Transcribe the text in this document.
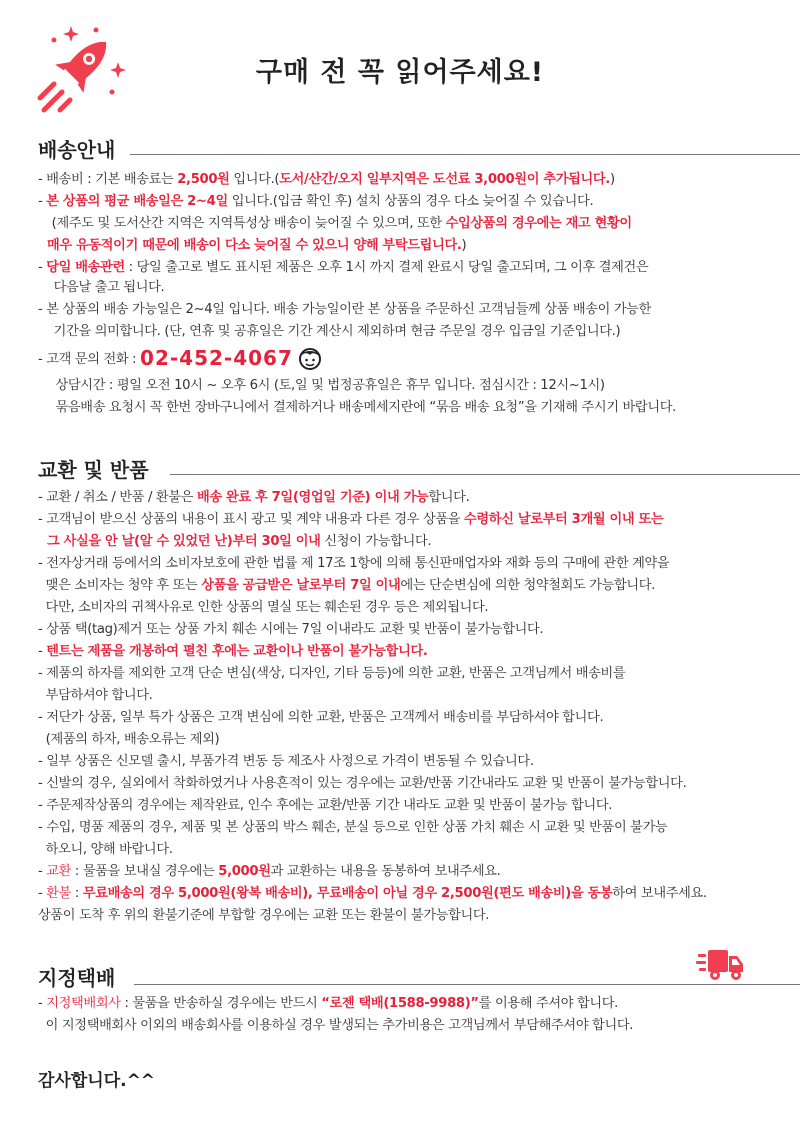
구매 전 꼭 읽어주세요!
배송안내
- 배송비 : 기본 배송료는 2,500원 입니다.(도서/산간/오지 일부지역은 도선료 3,000원이 추가됩니다.)
- 본 상품의 평균 배송일은 2~4일 입니다.(입금 확인 후) 설치 상품의 경우 다소 늦어질 수 있습니다.
(제주도 및 도서산간 지역은 지역특성상 배송이 늦어질 수 있으며, 또한 수입상품의 경우에는 재고 현황이
매우 유동적이기 때문에 배송이 다소 늦어질 수 있으니 양해 부탁드립니다.)
- 당일 배송관련 : 당일 출고로 별도 표시된 제품은 오후 1시 까지 결제 완료시 당일 출고되며, 그 이후 결제건은
다음날 출고 됩니다.
- 본 상품의 배송 가능일은 2~4일 입니다. 배송 가능일이란 본 상품을 주문하신 고객님들께 상품 배송이 가능한
기간을 의미합니다. (단, 연휴 및 공휴일은 기간 계산시 제외하며 현금 주문일 경우 입금일 기준입니다.)
- 고객 문의 전화 : 02-452-4067
상담시간 : 평일 오전 10시 ~ 오후 6시 (토,일 및 법정공휴일은 휴무 입니다. 점심시간 : 12시~1시)
묶음배송 요청시 꼭 한번 장바구니에서 결제하거나 배송메세지란에 “묶음 배송 요청”을 기재해 주시기 바랍니다.
교환 및 반품
- 교환 / 취소 / 반품 / 환불은 배송 완료 후 7일(영업일 기준) 이내 가능합니다.
- 고객님이 받으신 상품의 내용이 표시 광고 및 계약 내용과 다른 경우 상품을 수령하신 날로부터 3개월 이내 또는
그 사실을 안 날(알 수 있었던 난)부터 30일 이내 신청이 가능합니다.
- 전자상거래 등에서의 소비자보호에 관한 법률 제 17조 1항에 의해 통신판매업자와 재화 등의 구매에 관한 계약을
맺은 소비자는 청약 후 또는 상품을 공급받은 날로부터 7일 이내에는 단순변심에 의한 청약철회도 가능합니다.
다만, 소비자의 귀책사유로 인한 상품의 멸실 또는 훼손된 경우 등은 제외됩니다.
- 상품 택(tag)제거 또는 상품 가치 훼손 시에는 7일 이내라도 교환 및 반품이 불가능합니다.
- 텐트는 제품을 개봉하여 펼친 후에는 교환이나 반품이 불가능합니다.
- 제품의 하자를 제외한 고객 단순 변심(색상, 디자인, 기타 등등)에 의한 교환, 반품은 고객님께서 배송비를
부담하셔야 합니다.
- 저단가 상품, 일부 특가 상품은 고객 변심에 의한 교환, 반품은 고객께서 배송비를 부담하셔야 합니다.
(제품의 하자, 배송오류는 제외)
- 일부 상품은 신모델 출시, 부품가격 변동 등 제조사 사정으로 가격이 변동될 수 있습니다.
- 신발의 경우, 실외에서 착화하였거나 사용흔적이 있는 경우에는 교환/반품 기간내라도 교환 및 반품이 불가능합니다.
- 주문제작상품의 경우에는 제작완료, 인수 후에는 교환/반품 기간 내라도 교환 및 반품이 불가능 합니다.
- 수입, 명품 제품의 경우, 제품 및 본 상품의 박스 훼손, 분실 등으로 인한 상품 가치 훼손 시 교환 및 반품이 불가능
하오니, 양해 바랍니다.
- 교환 : 물품을 보내실 경우에는 5,000원과 교환하는 내용을 동봉하여 보내주세요.
- 환불 : 무료배송의 경우 5,000원(왕복 배송비), 무료배송이 아닐 경우 2,500원(편도 배송비)을 동봉하여 보내주세요.
상품이 도착 후 위의 환불기준에 부합할 경우에는 교환 또는 환불이 불가능합니다.
지정택배
- 지정택배회사 : 물품을 반송하실 경우에는 반드시 “로젠 택배(1588-9988)”를 이용해 주셔야 합니다.
이 지정택배회사 이외의 배송회사를 이용하실 경우 발생되는 추가비용은 고객님께서 부담해주셔야 합니다.
감사합니다.^^
